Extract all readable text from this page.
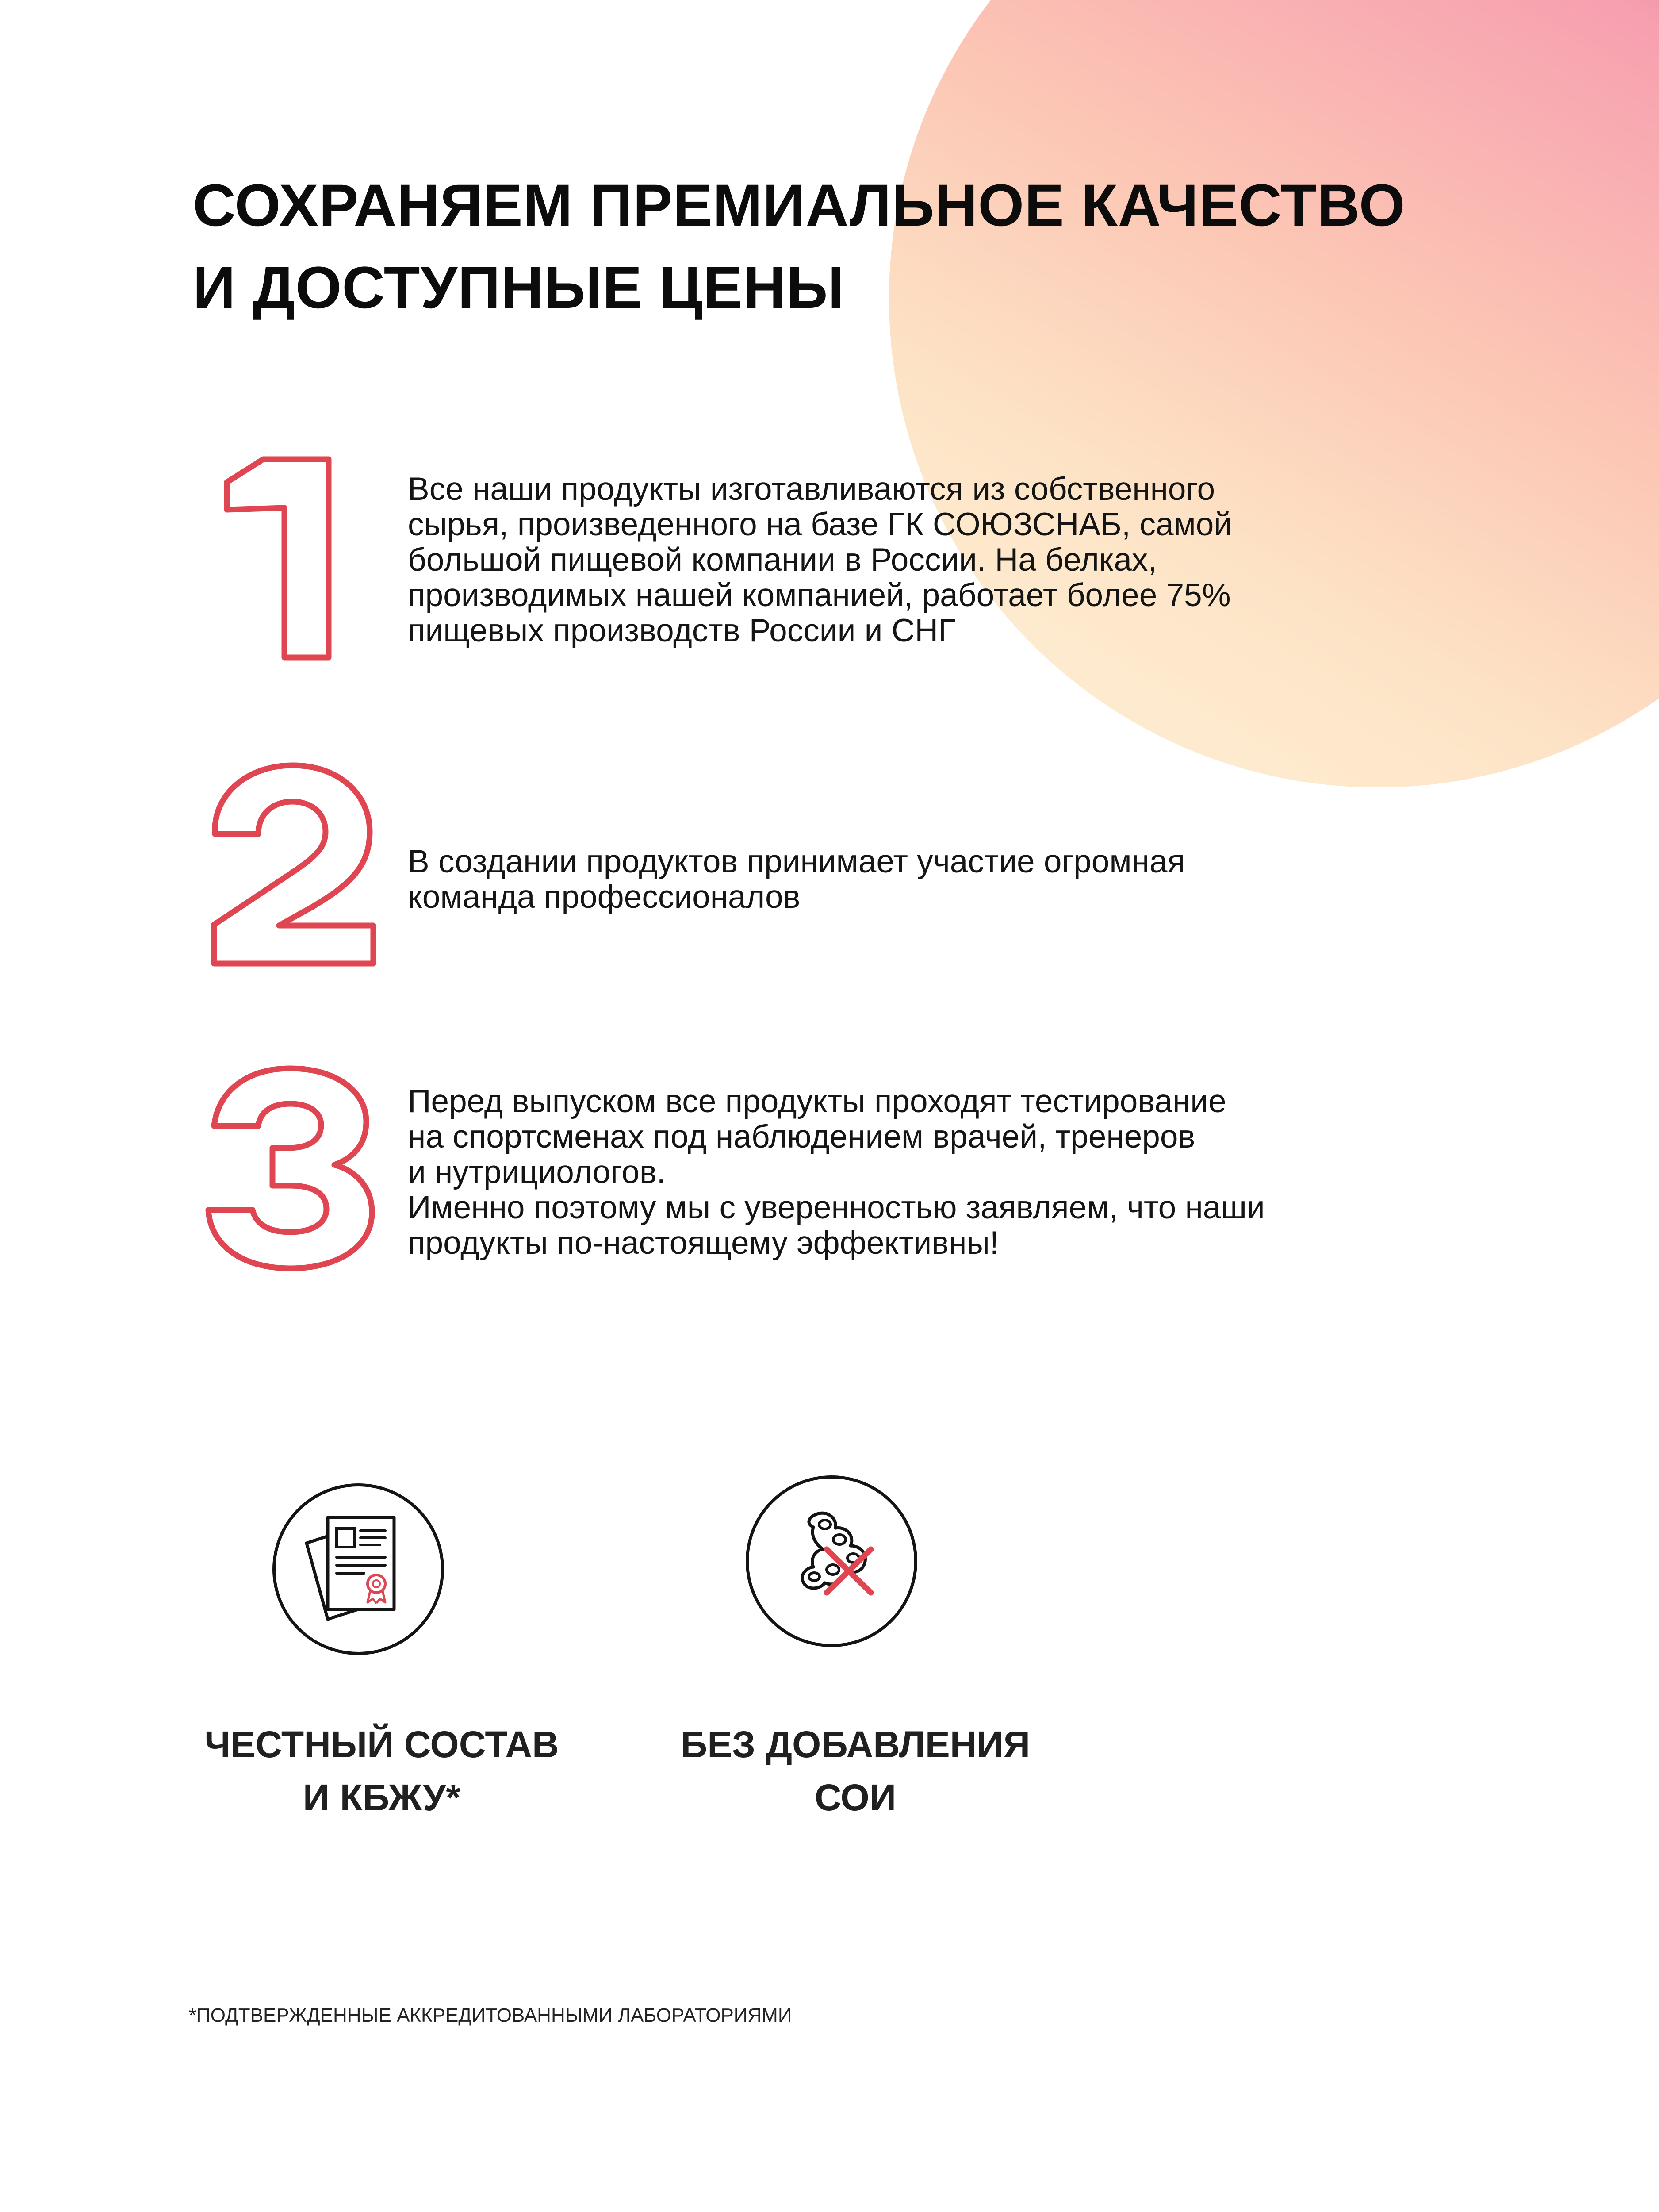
СОХРАНЯЕМ ПРЕМИАЛЬНОЕ КАЧЕСТВО
И ДОСТУПНЫЕ ЦЕНЫ

Все наши продукты изготавливаются из собственного
сырья, произведенного на базе ГК СОЮЗСНАБ, самой
большой пищевой компании в России. На белках,
производимых нашей компанией, работает более 75%
пищевых производств России и СНГ

В создании продуктов принимает участие огромная
команда профессионалов

Перед выпуском все продукты проходят тестирование
на спортсменах под наблюдением врачей, тренеров
и нутрициологов.
Именно поэтому мы с уверенностью заявляем, что наши
продукты по-настоящему эффективны!

ЧЕСТНЫЙ СОСТАВ
И КБЖУ*
БЕЗ ДОБАВЛЕНИЯ
СОИ
*ПОДТВЕРЖДЕННЫЕ АККРЕДИТОВАННЫМИ ЛАБОРАТОРИЯМИ
